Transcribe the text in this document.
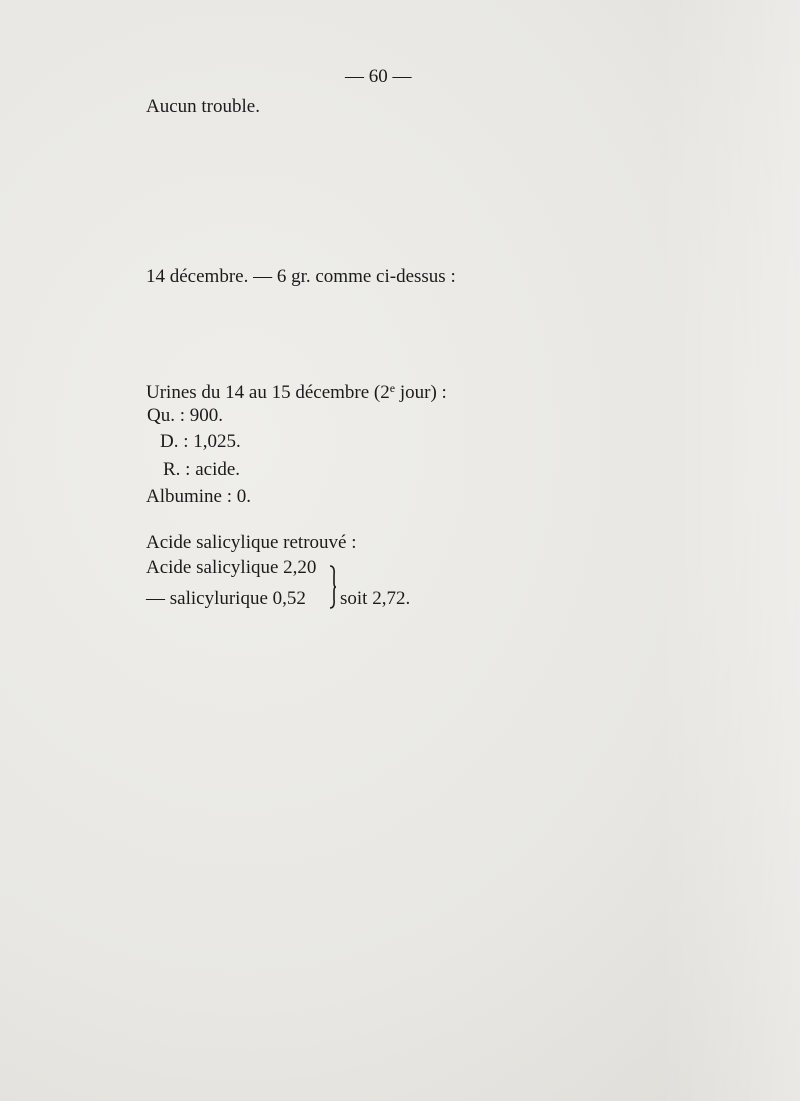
— 60 —
Aucun trouble.
14 décembre. — 6 gr. comme ci-dessus :
Urines du 14 au 15 décembre (2e jour) :
Qu. : 900.
D. : 1,025.
R. : acide.
Albumine : 0.
Acide salicylique retrouvé :
Acide salicylique 2,20
— salicylurique 0,52 soit 2,72.
